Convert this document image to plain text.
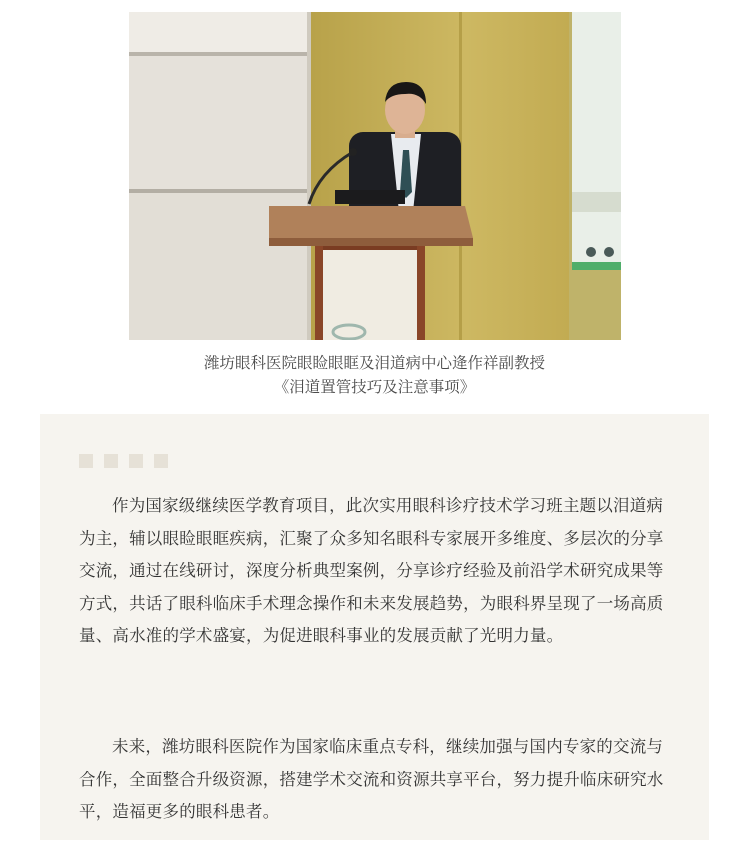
潍坊眼科医院眼睑眼眶及泪道病中心逄作祥副教授
《泪道置管技巧及注意事项》
作为国家级继续医学教育项目，此次实用眼科诊疗技术学习班主题以泪道病为主，辅以眼睑眼眶疾病，汇聚了众多知名眼科专家展开多维度、多层次的分享交流，通过在线研讨，深度分析典型案例，分享诊疗经验及前沿学术研究成果等方式，共话了眼科临床手术理念操作和未来发展趋势，为眼科界呈现了一场高质量、高水准的学术盛宴，为促进眼科事业的发展贡献了光明力量。
未来，潍坊眼科医院作为国家临床重点专科，继续加强与国内专家的交流与合作，全面整合升级资源，搭建学术交流和资源共享平台，努力提升临床研究水平，造福更多的眼科患者。
